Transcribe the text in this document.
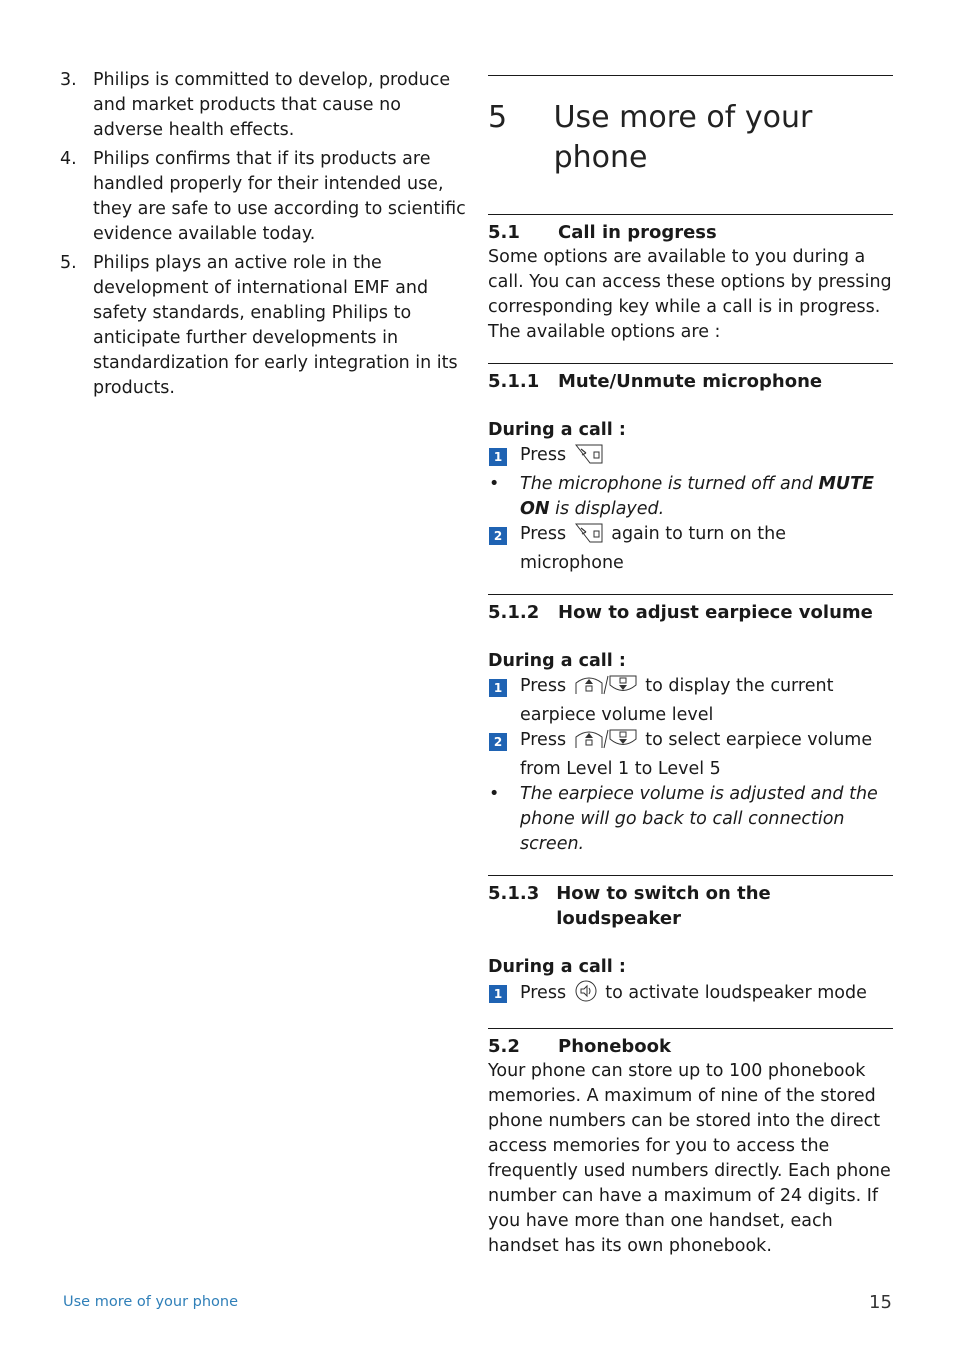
3. Philips is committed to develop, produce and market products that cause no adverse health effects.
4. Philips confirms that if its products are handled properly for their intended use, they are safe to use according to scientific evidence available today.
5. Philips plays an active role in the development of international EMF and safety standards, enabling Philips to anticipate further developments in standardization for early integration in its products.
5	Use more of your phone
5.1	Call in progress

Some options are available to you during a call. You can access these options by pressing corresponding key while a call is in progress. The available options are :

5.1.1	Mute/Unmute microphone
During a call :
1 Press
• The microphone is turned off and MUTE ON is displayed.
2 Press	again to turn on the microphone
5.1.2	How to adjust earpiece volume
During a call :
1 Press	to display the current earpiece volume level
2 Press	to select earpiece volume from Level 1 to Level 5
• The earpiece volume is adjusted and the phone will go back to call connection screen.
5.1.3 How to switch on the loudspeaker
During a call :
1 Press to activate loudspeaker mode
5.2	Phonebook

Your phone can store up to 100 phonebook memories. A maximum of nine of the stored phone numbers can be stored into the direct access memories for you to access the frequently used numbers directly. Each phone number can have a maximum of 24 digits. If you have more than one handset, each handset has its own phonebook.

Use more of your phone	15
